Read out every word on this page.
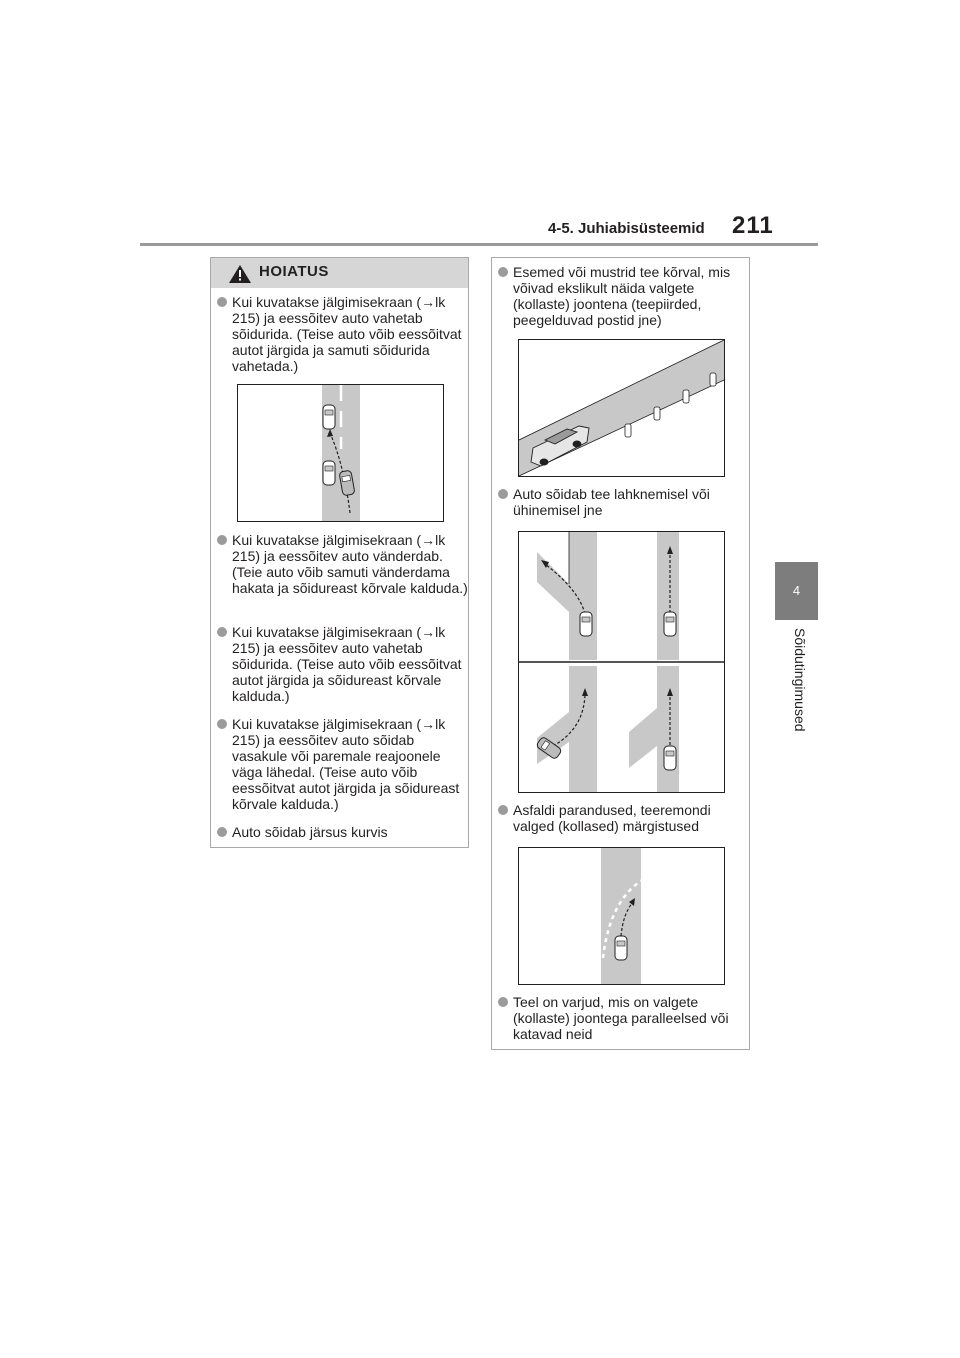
4-5. Juhiabisüsteemid 211
4
Sõidutingimused
HOIATUS
Kui kuvatakse jälgimisekraan (→lk 215) ja eessõitev auto vahetab sõidurida. (Teise auto võib eessõitvat autot järgida ja samuti sõidurida vahetada.)
Kui kuvatakse jälgimisekraan (→lk 215) ja eessõitev auto vänderdab. (Teie auto võib samuti vänderdama hakata ja sõidureast kõrvale kalduda.)
Kui kuvatakse jälgimisekraan (→lk 215) ja eessõitev auto vahetab sõidurida. (Teise auto võib eessõitvat autot järgida ja sõidureast kõrvale kalduda.)
Kui kuvatakse jälgimisekraan (→lk 215) ja eessõitev auto sõidab vasakule või paremale reajoonele väga lähedal. (Teise auto võib eessõitvat autot järgida ja sõidureast kõrvale kalduda.)
Auto sõidab järsus kurvis
Esemed või mustrid tee kõrval, mis võivad ekslikult näida valgete (kollaste) joontena (teepiirded, peegelduvad postid jne)
Auto sõidab tee lahknemisel või ühinemisel jne
Asfaldi parandused, teeremondi valged (kollased) märgistused
Teel on varjud, mis on valgete (kollaste) joontega paralleelsed või katavad neid
